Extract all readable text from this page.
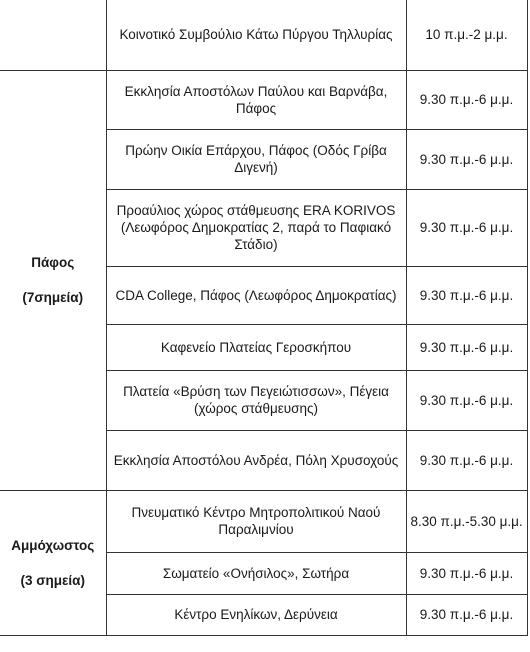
	Κοινοτικό Συμβούλιο Κάτω Πύργου Τηλλυρίας	10 π.μ.-2 μ.μ.

Πάφος
(7σημεία)	Εκκλησία Αποστόλων Παύλου και Βαρνάβα, Πάφος	9.30 π.μ.-6 μ.μ.
	Πρώην Οικία Επάρχου, Πάφος (Οδός Γρίβα Διγενή)	9.30 π.μ.-6 μ.μ.
	Προαύλιος χώρος στάθμευσης ERA KORIVOS (Λεωφόρος Δημοκρατίας 2, παρά το Παφιακό Στάδιο)	9.30 π.μ.-6 μ.μ.
	CDA College, Πάφος (Λεωφόρος Δημοκρατίας)	9.30 π.μ.-6 μ.μ.
	Καφενείο Πλατείας Γεροσκήπου	9.30 π.μ.-6 μ.μ.
	Πλατεία «Βρύση των Πεγειώτισσων», Πέγεια (χώρος στάθμευσης)	9.30 π.μ.-6 μ.μ.
	Εκκλησία Αποστόλου Ανδρέα, Πόλη Χρυσοχούς	9.30 π.μ.-6 μ.μ.

Αμμόχωστος
(3 σημεία)	Πνευματικό Κέντρο Μητροπολιτικού Ναού Παραλιμνίου	8.30 π.μ.-5.30 μ.μ.
	Σωματείο «Ονήσιλος», Σωτήρα	9.30 π.μ.-6 μ.μ.
	Κέντρο Ενηλίκων, Δερύνεια	9.30 π.μ.-6 μ.μ.
